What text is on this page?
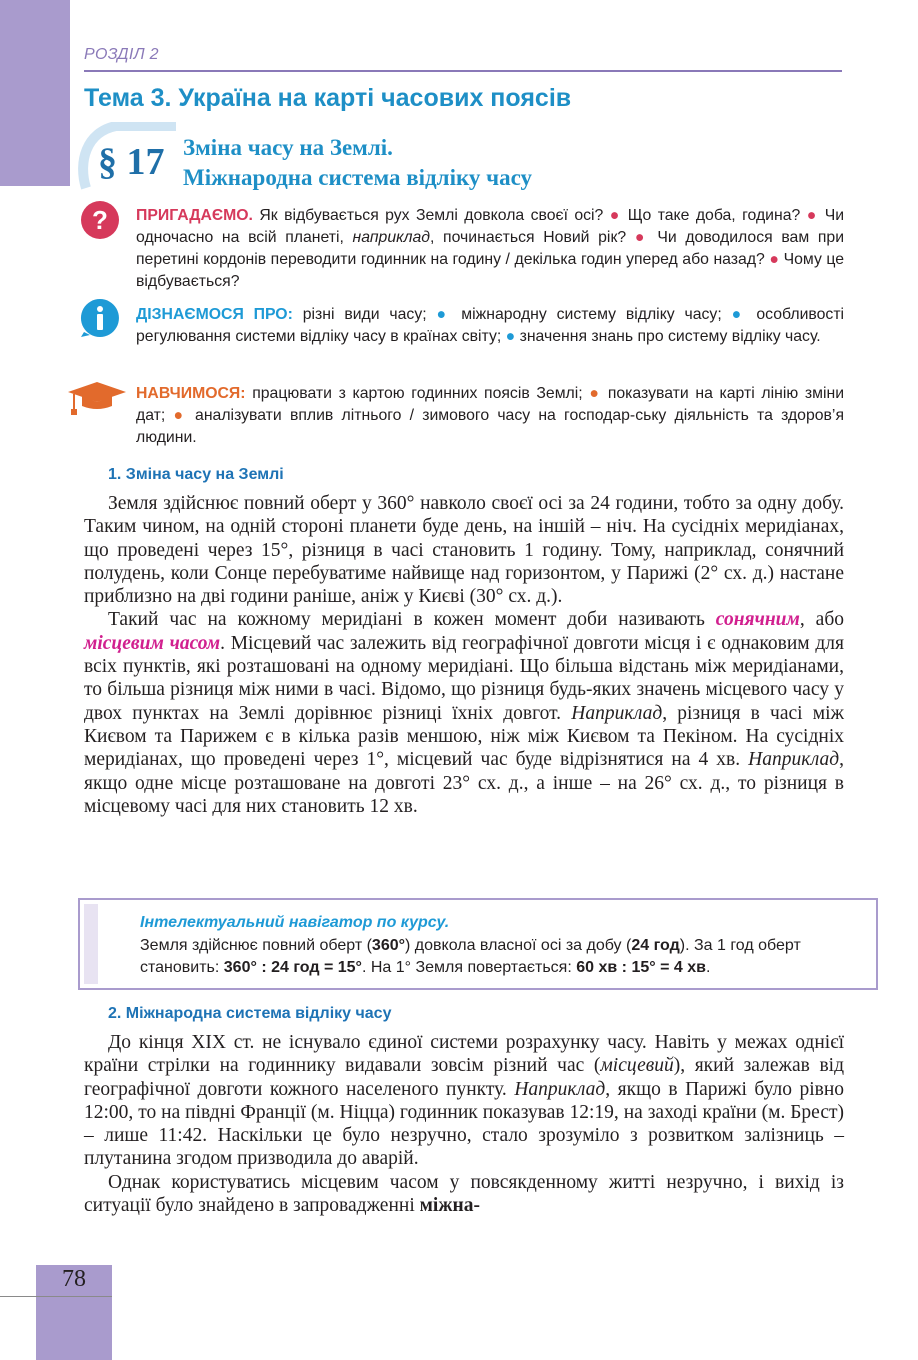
РОЗДІЛ 2
Тема 3. Україна на карті часових поясів
§ 17 Зміна часу на Землі.
Міжнародна система відліку часу
? ПРИГАДАЄМО. Як відбувається рух Землі довкола своєї осі? ● Що таке доба, година? ● Чи одночасно на всій планеті, наприклад, починається Новий рік? ● Чи доводилося вам при перетині кордонів переводити годинник на годину / декілька годин уперед або назад? ● Чому це відбувається?
ДІЗНАЄМОСЯ ПРО: різні види часу; ● міжнародну систему відліку часу; ● особливості регулювання системи відліку часу в країнах світу; ● значення знань про систему відліку часу.
НАВЧИМОСЯ: працювати з картою годинних поясів Землі; ● показувати на карті лінію зміни дат; ● аналізувати вплив літнього / зимового часу на господар-ську діяльність та здоров’я людини.
1. Зміна часу на Землі

Земля здійснює повний оберт у 360° навколо своєї осі за 24 години, тобто за одну добу. Таким чином, на одній стороні планети буде день, на іншій – ніч. На сусідніх меридіанах, що проведені через 15°, різниця в часі становить 1 годину. Тому, наприклад, сонячний полудень, коли Сонце перебуватиме найвище над горизонтом, у Парижі (2° сх. д.) настане приблизно на дві години раніше, аніж у Києві (30° сх. д.).

Такий час на кожному меридіані в кожен момент доби називають сонячним, або місцевим часом. Місцевий час залежить від географічної довготи місця і є однаковим для всіх пунктів, які розташовані на одному меридіані. Що більша відстань між меридіанами, то більша різниця між ними в часі. Відомо, що різниця будь-яких значень місцевого часу у двох пунктах на Землі дорівнює різниці їхніх довгот. Наприклад, різниця в часі між Києвом та Парижем є в кілька разів меншою, ніж між Києвом та Пекіном. На сусідніх меридіанах, що проведені через 1°, місцевий час буде відрізнятися на 4 хв. Наприклад, якщо одне місце розташоване на довготі 23° сх. д., а інше – на 26° сх. д., то різниця в місцевому часі для них становить 12 хв.

Інтелектуальний навігатор по курсу.
Земля здійснює повний оберт (360°) довкола власної осі за добу (24 год). За 1 год оберт становить: 360° : 24 год = 15°. На 1° Земля повертається: 60 хв : 15° = 4 хв.
2. Міжнародна система відліку часу

До кінця XIX ст. не існувало єдиної системи розрахунку часу. Навіть у межах однієї країни стрілки на годиннику видавали зовсім різний час (місцевий), який залежав від географічної довготи кожного населеного пункту. Наприклад, якщо в Парижі було рівно 12:00, то на півдні Франції (м. Ніцца) годинник показував 12:19, на заході країни (м. Брест) – лише 11:42. Наскільки це було незручно, стало зрозуміло з розвитком залізниць – плутанина згодом призводила до аварій.

Однак користуватись місцевим часом у повсякденному житті незручно, і вихід із ситуації було знайдено в запровадженні міжна-

78
